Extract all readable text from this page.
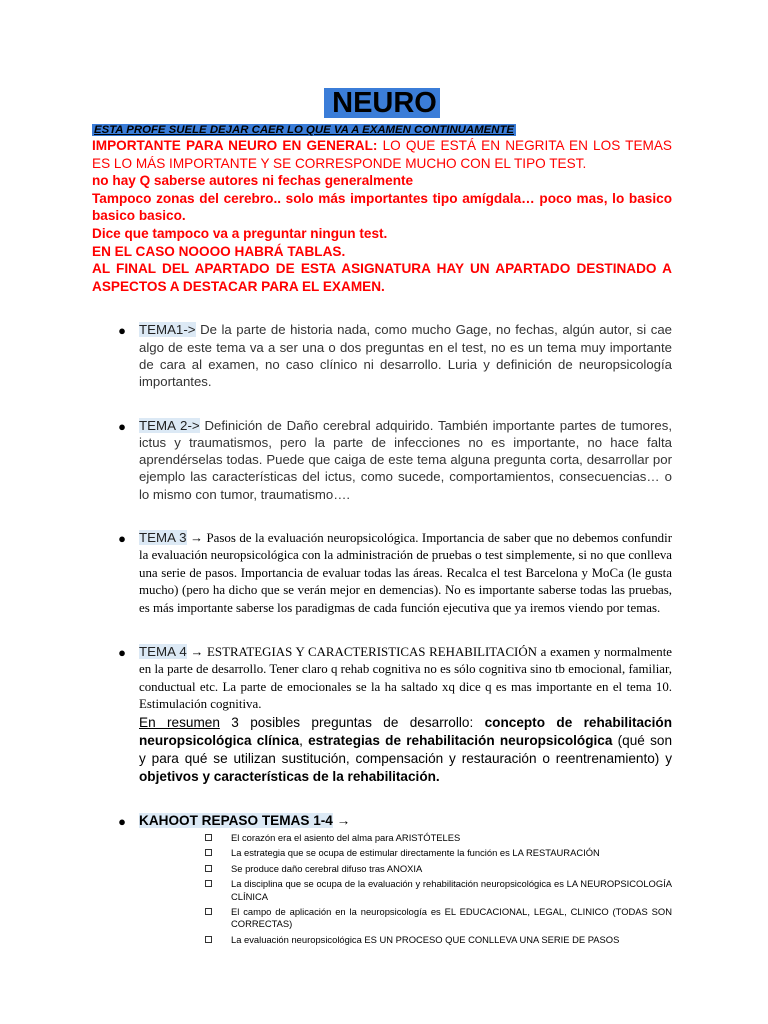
NEURO
ESTA PROFE SUELE DEJAR CAER LO QUE VA A EXAMEN CONTINUAMENTE

IMPORTANTE PARA NEURO EN GENERAL: LO QUE ESTÁ EN NEGRITA EN LOS TEMAS ES LO MÁS IMPORTANTE Y SE CORRESPONDE MUCHO CON EL TIPO TEST.

no hay Q saberse autores ni fechas generalmente

Tampoco zonas del cerebro.. solo más importantes tipo amígdala… poco mas, lo basico basico basico.

Dice que tampoco va a preguntar ningun test.

EN EL CASO NOOOO HABRÁ TABLAS.

AL FINAL DEL APARTADO DE ESTA ASIGNATURA HAY UN APARTADO DESTINADO A ASPECTOS A DESTACAR PARA EL EXAMEN.

● TEMA1-> De la parte de historia nada, como mucho Gage, no fechas, algún autor, si cae algo de este tema va a ser una o dos preguntas en el test, no es un tema muy importante de cara al examen, no caso clínico ni desarrollo. Luria y definición de neuropsicología importantes.
● TEMA 2-> Definición de Daño cerebral adquirido. También importante partes de tumores, ictus y traumatismos, pero la parte de infecciones no es importante, no hace falta aprendérselas todas. Puede que caiga de este tema alguna pregunta corta, desarrollar por ejemplo las características del ictus, como sucede, comportamientos, consecuencias… o lo mismo con tumor, traumatismo….
● TEMA 3 → Pasos de la evaluación neuropsicológica. Importancia de saber que no debemos confundir la evaluación neuropsicológica con la administración de pruebas o test simplemente, si no que conlleva una serie de pasos. Importancia de evaluar todas las áreas. Recalca el test Barcelona y MoCa (le gusta mucho) (pero ha dicho que se verán mejor en demencias). No es importante saberse todas las pruebas, es más importante saberse los paradigmas de cada función ejecutiva que ya iremos viendo por temas.
● TEMA 4 → ESTRATEGIAS Y CARACTERISTICAS REHABILITACIÓN a examen y normalmente en la parte de desarrollo. Tener claro q rehab cognitiva no es sólo cognitiva sino tb emocional, familiar, conductual etc. La parte de emocionales se la ha saltado xq dice q es mas importante en el tema 10. Estimulación cognitiva.
En resumen 3 posibles preguntas de desarrollo: concepto de rehabilitación neuropsicológica clínica, estrategias de rehabilitación neuropsicológica (qué son y para qué se utilizan sustitución, compensación y restauración o reentrenamiento) y objetivos y características de la rehabilitación.
● KAHOOT REPASO TEMAS 1-4 →
El corazón era el asiento del alma para ARISTÓTELES
La estrategia que se ocupa de estimular directamente la función es LA RESTAURACIÓN
Se produce daño cerebral difuso tras ANOXIA
La disciplina que se ocupa de la evaluación y rehabilitación neuropsicológica es LA NEUROPSICOLOGÍA CLÍNICA
El campo de aplicación en la neuropsicología es EL EDUCACIONAL, LEGAL, CLINICO (TODAS SON CORRECTAS)
La evaluación neuropsicológica ES UN PROCESO QUE CONLLEVA UNA SERIE DE PASOS
